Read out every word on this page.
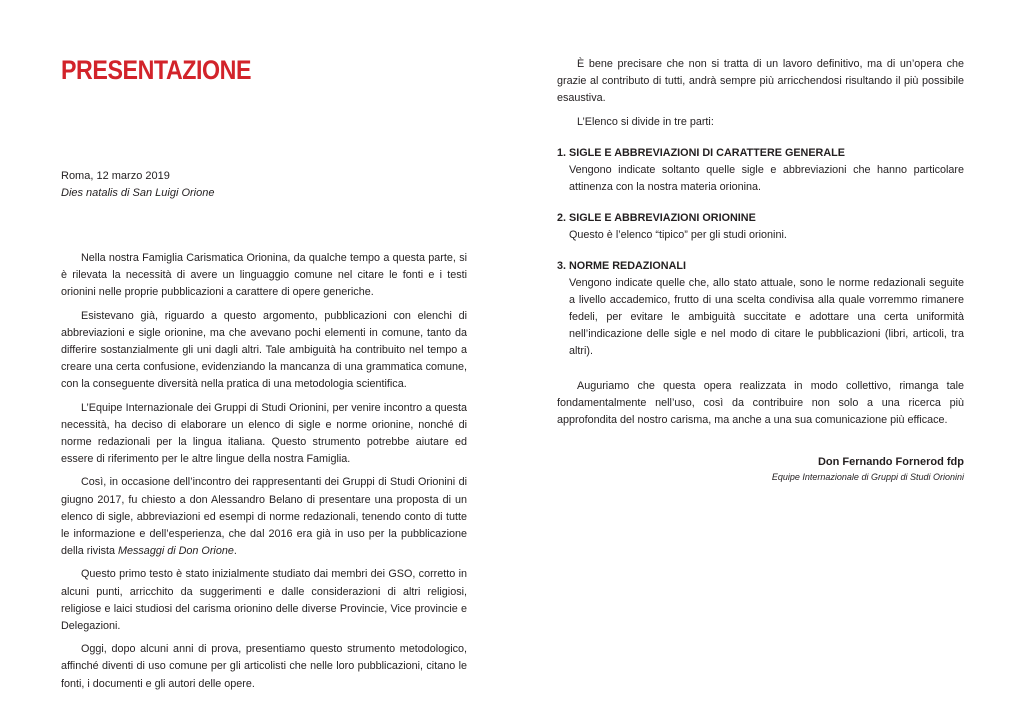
PRESENTAZIONE
Roma, 12 marzo 2019
Dies natalis di San Luigi Orione

Nella nostra Famiglia Carismatica Orionina, da qualche tempo a questa parte, si è rilevata la necessità di avere un linguaggio comune nel citare le fonti e i testi orionini nelle proprie pubblicazioni a carattere di opere generiche.

Esistevano già, riguardo a questo argomento, pubblicazioni con elenchi di abbreviazioni e sigle orionine, ma che avevano pochi elementi in comune, tanto da differire sostanzialmente gli uni dagli altri. Tale ambiguità ha contribuito nel tempo a creare una certa confusione, evidenziando la mancanza di una grammatica comune, con la conseguente diversità nella pratica di una metodologia scientifica.

L’Equipe Internazionale dei Gruppi di Studi Orionini, per venire incontro a questa necessità, ha deciso di elaborare un elenco di sigle e norme orionine, nonché di norme redazionali per la lingua italiana. Questo strumento potrebbe aiutare ed essere di riferimento per le altre lingue della nostra Famiglia.

Così, in occasione dell’incontro dei rappresentanti dei Gruppi di Studi Orionini di giugno 2017, fu chiesto a don Alessandro Belano di presentare una proposta di un elenco di sigle, abbreviazioni ed esempi di norme redazionali, tenendo conto di tutte le informazione e dell’esperienza, che dal 2016 era già in uso per la pubblicazione della rivista Messaggi di Don Orione.

Questo primo testo è stato inizialmente studiato dai membri dei GSO, corretto in alcuni punti, arricchito da suggerimenti e dalle considerazioni di altri religiosi, religiose e laici studiosi del carisma orionino delle diverse Provincie, Vice provincie e Delegazioni.

Oggi, dopo alcuni anni di prova, presentiamo questo strumento metodologico, affinché diventi di uso comune per gli articolisti che nelle loro pubblicazioni, citano le fonti, i documenti e gli autori delle opere.

È bene precisare che non si tratta di un lavoro definitivo, ma di un’opera che grazie al contributo di tutti, andrà sempre più arricchendosi risultando il più possibile esaustiva.

L’Elenco si divide in tre parti:

1. SIGLE E ABBREVIAZIONI DI CARATTERE GENERALE
Vengono indicate soltanto quelle sigle e abbreviazioni che hanno particolare attinenza con la nostra materia orionina.
2. SIGLE E ABBREVIAZIONI ORIONINE
Questo è l’elenco “tipico” per gli studi orionini.
3. NORME REDAZIONALI
Vengono indicate quelle che, allo stato attuale, sono le norme redazionali seguite a livello accademico, frutto di una scelta condivisa alla quale vorremmo rimanere fedeli, per evitare le ambiguità succitate e adottare una certa uniformità nell’indicazione delle sigle e nel modo di citare le pubblicazioni (libri, articoli, tra altri).

Auguriamo che questa opera realizzata in modo collettivo, rimanga tale fondamentalmente nell’uso, così da contribuire non solo a una ricerca più approfondita del nostro carisma, ma anche a una sua comunicazione più efficace.

Don Fernando Fornerod fdp
Equipe Internazionale di Gruppi di Studi Orionini
